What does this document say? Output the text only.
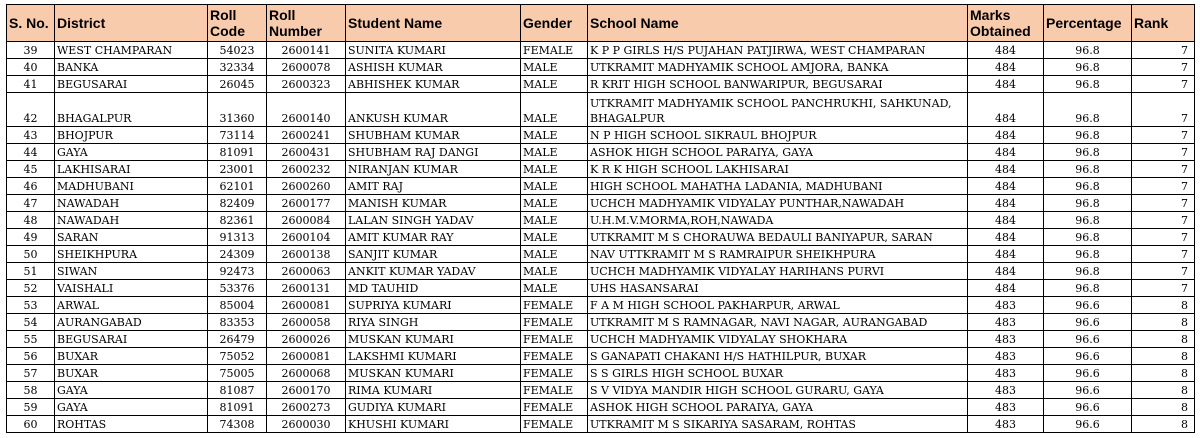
S. No.	District	Roll Code	Roll Number	Student Name	Gender	School Name	Marks Obtained	Percentage	Rank
39	WEST CHAMPARAN	54023	2600141	SUNITA KUMARI	FEMALE	K P P GIRLS H/S PUJAHAN PATJIRWA, WEST CHAMPARAN	484	96.8	7
40	BANKA	32334	2600078	ASHISH KUMAR	MALE	UTKRAMIT MADHYAMIK SCHOOL AMJORA, BANKA	484	96.8	7
41	BEGUSARAI	26045	2600323	ABHISHEK KUMAR	MALE	R KRIT HIGH SCHOOL BANWARIPUR, BEGUSARAI	484	96.8	7
42	BHAGALPUR	31360	2600140	ANKUSH KUMAR	MALE	UTKRAMIT MADHYAMIK SCHOOL PANCHRUKHI, SAHKUNAD, BHAGALPUR	484	96.8	7
43	BHOJPUR	73114	2600241	SHUBHAM KUMAR	MALE	N P HIGH SCHOOL SIKRAUL BHOJPUR	484	96.8	7
44	GAYA	81091	2600431	SHUBHAM RAJ DANGI	MALE	ASHOK HIGH SCHOOL PARAIYA, GAYA	484	96.8	7
45	LAKHISARAI	23001	2600232	NIRANJAN KUMAR	MALE	K R K HIGH SCHOOL LAKHISARAI	484	96.8	7
46	MADHUBANI	62101	2600260	AMIT RAJ	MALE	HIGH SCHOOL MAHATHA LADANIA, MADHUBANI	484	96.8	7
47	NAWADAH	82409	2600177	MANISH KUMAR	MALE	UCHCH MADHYAMIK VIDYALAY PUNTHAR,NAWADAH	484	96.8	7
48	NAWADAH	82361	2600084	LALAN SINGH YADAV	MALE	U.H.M.V.MORMA,ROH,NAWADA	484	96.8	7
49	SARAN	91313	2600104	AMIT KUMAR RAY	MALE	UTKRAMIT M S CHORAUWA BEDAULI BANIYAPUR, SARAN	484	96.8	7
50	SHEIKHPURA	24309	2600138	SANJIT KUMAR	MALE	NAV UTTKRAMIT M S RAMRAIPUR SHEIKHPURA	484	96.8	7
51	SIWAN	92473	2600063	ANKIT KUMAR YADAV	MALE	UCHCH MADHYAMIK VIDYALAY HARIHANS PURVI	484	96.8	7
52	VAISHALI	53376	2600131	MD TAUHID	MALE	UHS HASANSARAI	484	96.8	7
53	ARWAL	85004	2600081	SUPRIYA KUMARI	FEMALE	F A M HIGH SCHOOL PAKHARPUR, ARWAL	483	96.6	8
54	AURANGABAD	83353	2600058	RIYA SINGH	FEMALE	UTKRAMIT M S RAMNAGAR, NAVI NAGAR, AURANGABAD	483	96.6	8
55	BEGUSARAI	26479	2600026	MUSKAN KUMARI	FEMALE	UCHCH MADHYAMIK VIDYALAY SHOKHARA	483	96.6	8
56	BUXAR	75052	2600081	LAKSHMI KUMARI	FEMALE	S GANAPATI CHAKANI H/S HATHILPUR, BUXAR	483	96.6	8
57	BUXAR	75005	2600068	MUSKAN KUMARI	FEMALE	S S GIRLS HIGH SCHOOL BUXAR	483	96.6	8
58	GAYA	81087	2600170	RIMA KUMARI	FEMALE	S V VIDYA MANDIR HIGH SCHOOL GURARU, GAYA	483	96.6	8
59	GAYA	81091	2600273	GUDIYA KUMARI	FEMALE	ASHOK HIGH SCHOOL PARAIYA, GAYA	483	96.6	8
60	ROHTAS	74308	2600030	KHUSHI KUMARI	FEMALE	UTKRAMIT M S SIKARIYA SASARAM, ROHTAS	483	96.6	8
